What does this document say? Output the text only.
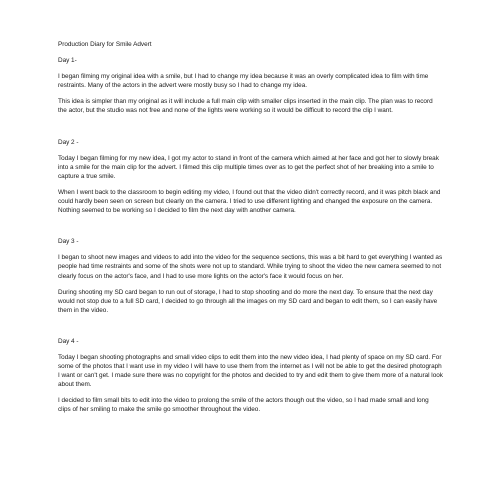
Production Diary for Smile Advert
Day 1-
I began filming my original idea with a smile, but I had to change my idea because it was an overly complicated idea to film with time restraints. Many of the actors in the advert were mostly busy so I had to change my idea.
This idea is simpler than my original as it will include a full main clip with smaller clips inserted in the main clip. The plan was to record the actor, but the studio was not free and none of the lights were working so it would be difficult to record the clip I want.
Day 2 -
Today I began filming for my new idea, I got my actor to stand in front of the camera which aimed at her face and got her to slowly break into a smile for the main clip for the advert. I filmed this clip multiple times over as to get the perfect shot of her breaking into a smile to capture a true smile.
When I went back to the classroom to begin editing my video, I found out that the video didn't correctly record, and it was pitch black and could hardly been seen on screen but clearly on the camera. I tried to use different lighting and changed the exposure on the camera. Nothing seemed to be working so I decided to film the next day with another camera.
Day 3 -
I began to shoot new images and videos to add into the video for the sequence sections, this was a bit hard to get everything I wanted as people had time restraints and some of the shots were not up to standard. While trying to shoot the video the new camera seemed to not clearly focus on the actor's face, and I had to use more lights on the actor's face it would focus on her.
During shooting my SD card began to run out of storage, I had to stop shooting and do more the next day. To ensure that the next day would not stop due to a full SD card, I decided to go through all the images on my SD card and began to edit them, so I can easily have them in the video.
Day 4 -
Today I began shooting photographs and small video clips to edit them into the new video idea, I had plenty of space on my SD card. For some of the photos that I want use in my video I will have to use them from the internet as I will not be able to get the desired photograph I want or can't get. I made sure there was no copyright for the photos and decided to try and edit them to give them more of a natural look about them.
I decided to film small bits to edit into the video to prolong the smile of the actors though out the video, so I had made small and long clips of her smiling to make the smile go smoother throughout the video.
